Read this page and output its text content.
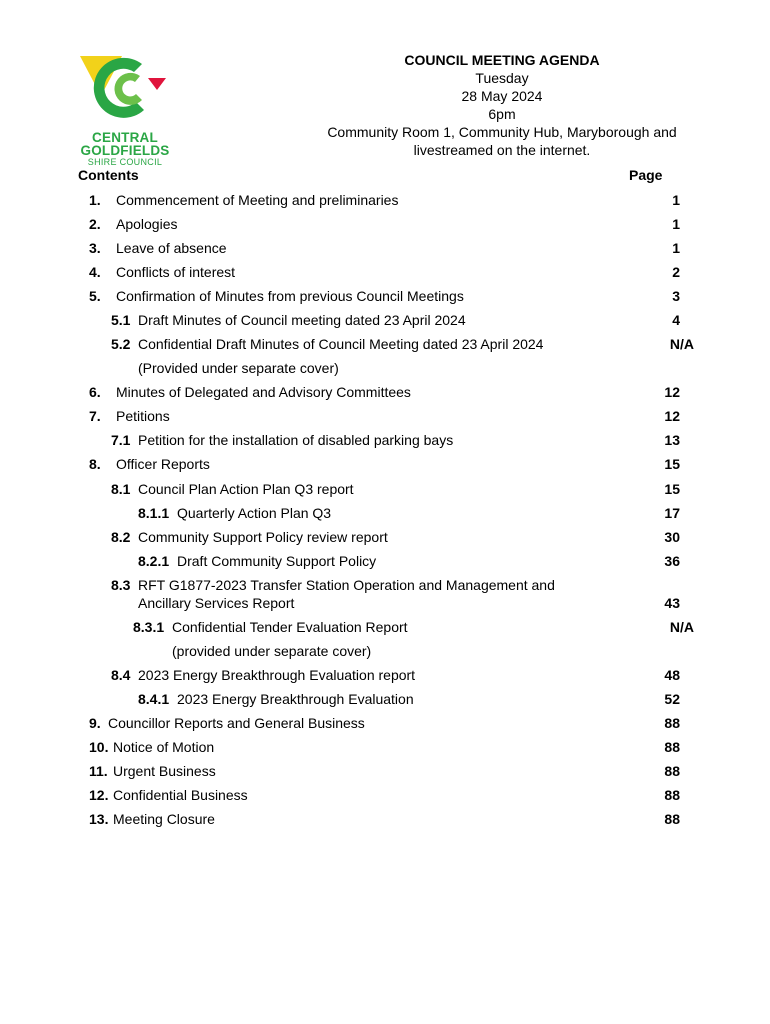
CENTRAL
GOLDFIELDS
SHIRE COUNCIL
COUNCIL MEETING AGENDA
Tuesday
28 May 2024
6pm
Community Room 1, Community Hub, Maryborough and
livestreamed on the internet.
Contents	Page
1. Commencement of Meeting and preliminaries	1
2. Apologies	1
3. Leave of absence	1
4. Conflicts of interest	2
5. Confirmation of Minutes from previous Council Meetings	3
5.1 Draft Minutes of Council meeting dated 23 April 2024	4
5.2 Confidential Draft Minutes of Council Meeting dated 23 April 2024	N/A
(Provided under separate cover)
6. Minutes of Delegated and Advisory Committees	12
7. Petitions	12
7.1 Petition for the installation of disabled parking bays	13
8. Officer Reports	15
8.1 Council Plan Action Plan Q3 report	15
8.1.1 Quarterly Action Plan Q3	17
8.2 Community Support Policy review report	30
8.2.1 Draft Community Support Policy	36
8.3 RFT G1877-2023 Transfer Station Operation and Management and
Ancillary Services Report	43
8.3.1 Confidential Tender Evaluation Report	N/A
(provided under separate cover)
8.4 2023 Energy Breakthrough Evaluation report	48
8.4.1 2023 Energy Breakthrough Evaluation	52
9. Councillor Reports and General Business	88
10. Notice of Motion	88
11. Urgent Business	88
12. Confidential Business	88
13. Meeting Closure	88
